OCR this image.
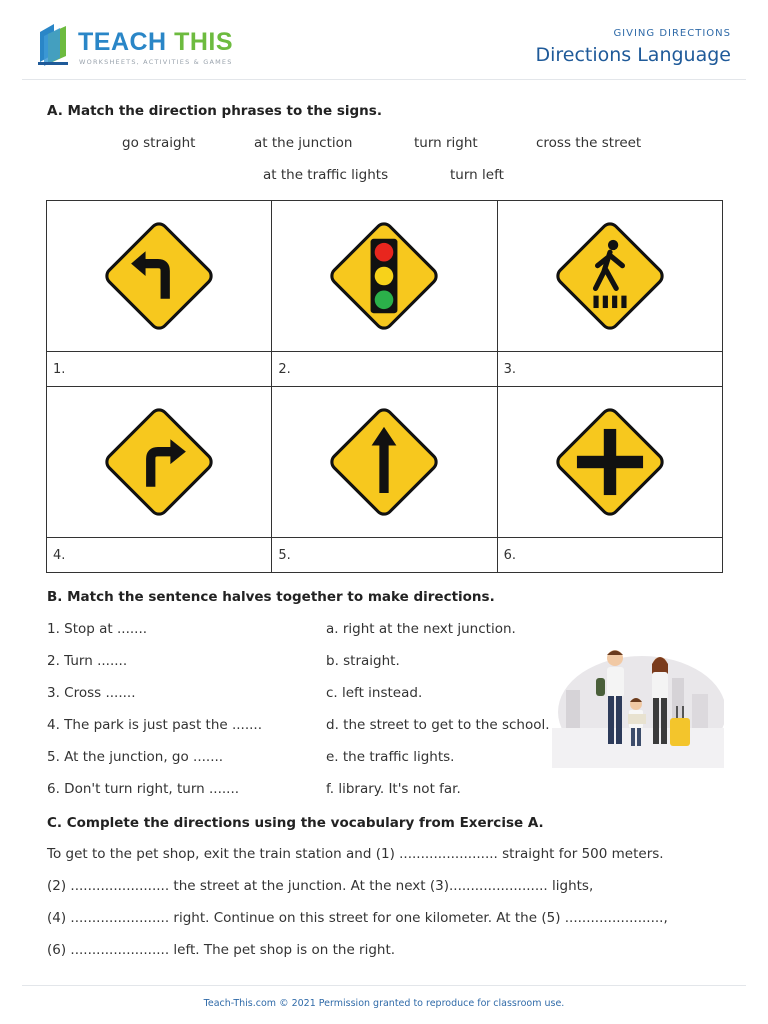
TEACH THIS
WORKSHEETS, ACTIVITIES & GAMES
GIVING DIRECTIONS
Directions Language
A. Match the direction phrases to the signs.
go straight	at the junction	turn right	cross the street
at the traffic lights	turn left

1.	2.	3.

4.	5.	6.
B. Match the sentence halves together to make directions.
1. Stop at .......
2. Turn .......
3. Cross .......
4. The park is just past the .......
5. At the junction, go .......
6. Don't turn right, turn .......
a. right at the next junction.
b. straight.
c. left instead.
d. the street to get to the school.
e. the traffic lights.
f. library. It's not far.
C. Complete the directions using the vocabulary from Exercise A.
To get to the pet shop, exit the train station and (1) ....................... straight for 500 meters.
(2) ....................... the street at the junction. At the next (3)....................... lights,
(4) ....................... right. Continue on this street for one kilometer. At the (5) .......................,
(6) ....................... left. The pet shop is on the right.
Teach-This.com © 2021 Permission granted to reproduce for classroom use.
